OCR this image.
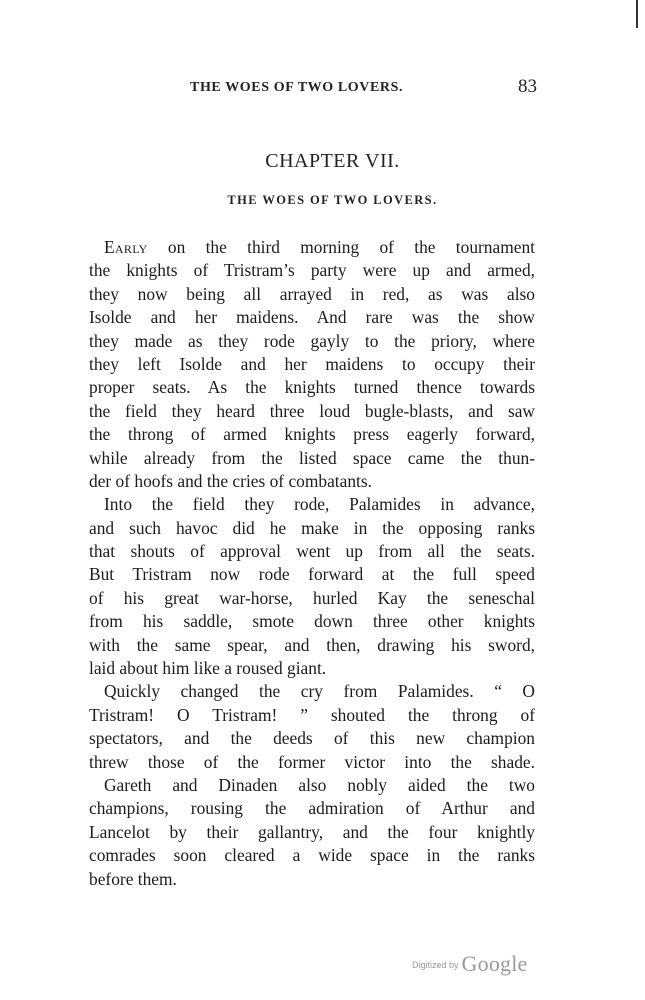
THE WOES OF TWO LOVERS.	83
CHAPTER VII.
THE WOES OF TWO LOVERS.
Early on the third morning of the tournament
the knights of Tristram’s party were up and armed,
they now being all arrayed in red, as was also
Isolde and her maidens. And rare was the show
they made as they rode gayly to the priory, where
they left Isolde and her maidens to occupy their
proper seats. As the knights turned thence towards
the field they heard three loud bugle-blasts, and saw
the throng of armed knights press eagerly forward,
while already from the listed space came the thun-
der of hoofs and the cries of combatants.
Into the field they rode, Palamides in advance,
and such havoc did he make in the opposing ranks
that shouts of approval went up from all the seats.
But Tristram now rode forward at the full speed
of his great war-horse, hurled Kay the seneschal
from his saddle, smote down three other knights
with the same spear, and then, drawing his sword,
laid about him like a roused giant.
Quickly changed the cry from Palamides. “ O
Tristram! O Tristram! ” shouted the throng of
spectators, and the deeds of this new champion
threw those of the former victor into the shade.
Gareth and Dinaden also nobly aided the two
champions, rousing the admiration of Arthur and
Lancelot by their gallantry, and the four knightly
comrades soon cleared a wide space in the ranks
before them.
Digitized by Google
